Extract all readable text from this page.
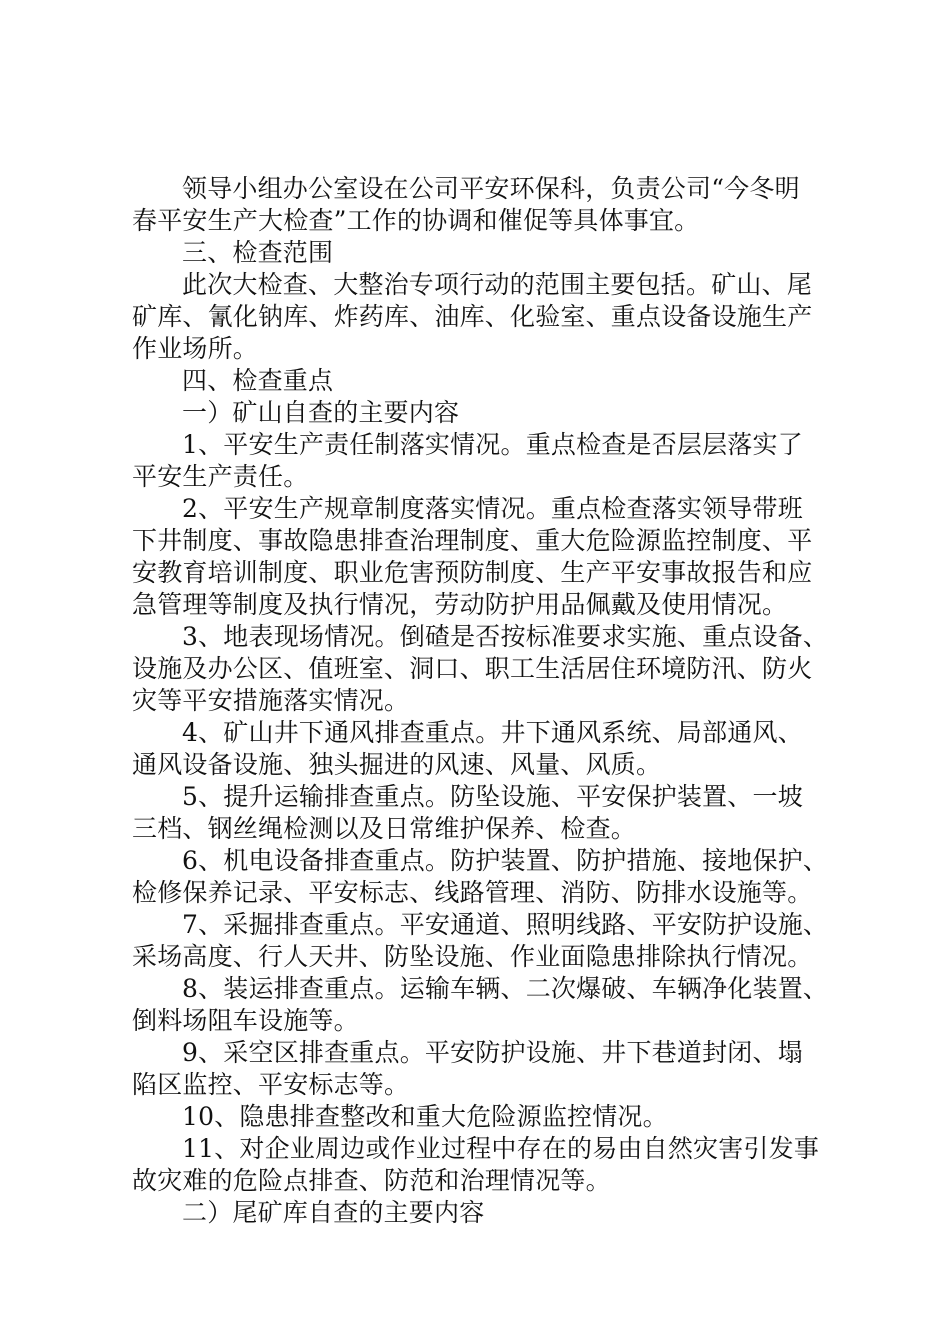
领导小组办公室设在公司平安环保科，负责公司“今冬明
春平安生产大检查”工作的协调和催促等具体事宜。
三、检查范围
此次大检查、大整治专项行动的范围主要包括。矿山、尾
矿库、氰化钠库、炸药库、油库、化验室、重点设备设施生产
作业场所。
四、检查重点
一）矿山自查的主要内容
1、平安生产责任制落实情况。重点检查是否层层落实了
平安生产责任。
2、平安生产规章制度落实情况。重点检查落实领导带班
下井制度、事故隐患排查治理制度、重大危险源监控制度、平
安教育培训制度、职业危害预防制度、生产平安事故报告和应
急管理等制度及执行情况，劳动防护用品佩戴及使用情况。
3、地表现场情况。倒碴是否按标准要求实施、重点设备、
设施及办公区、值班室、洞口、职工生活居住环境防汛、防火
灾等平安措施落实情况。
4、矿山井下通风排查重点。井下通风系统、局部通风、
通风设备设施、独头掘进的风速、风量、风质。
5、提升运输排查重点。防坠设施、平安保护装置、一坡
三档、钢丝绳检测以及日常维护保养、检查。
6、机电设备排查重点。防护装置、防护措施、接地保护、
检修保养记录、平安标志、线路管理、消防、防排水设施等。
7、采掘排查重点。平安通道、照明线路、平安防护设施、
采场高度、行人天井、防坠设施、作业面隐患排除执行情况。
8、装运排查重点。运输车辆、二次爆破、车辆净化装置、
倒料场阻车设施等。
9、采空区排查重点。平安防护设施、井下巷道封闭、塌
陷区监控、平安标志等。
10、隐患排查整改和重大危险源监控情况。
11、对企业周边或作业过程中存在的易由自然灾害引发事
故灾难的危险点排查、防范和治理情况等。
二）尾矿库自查的主要内容
